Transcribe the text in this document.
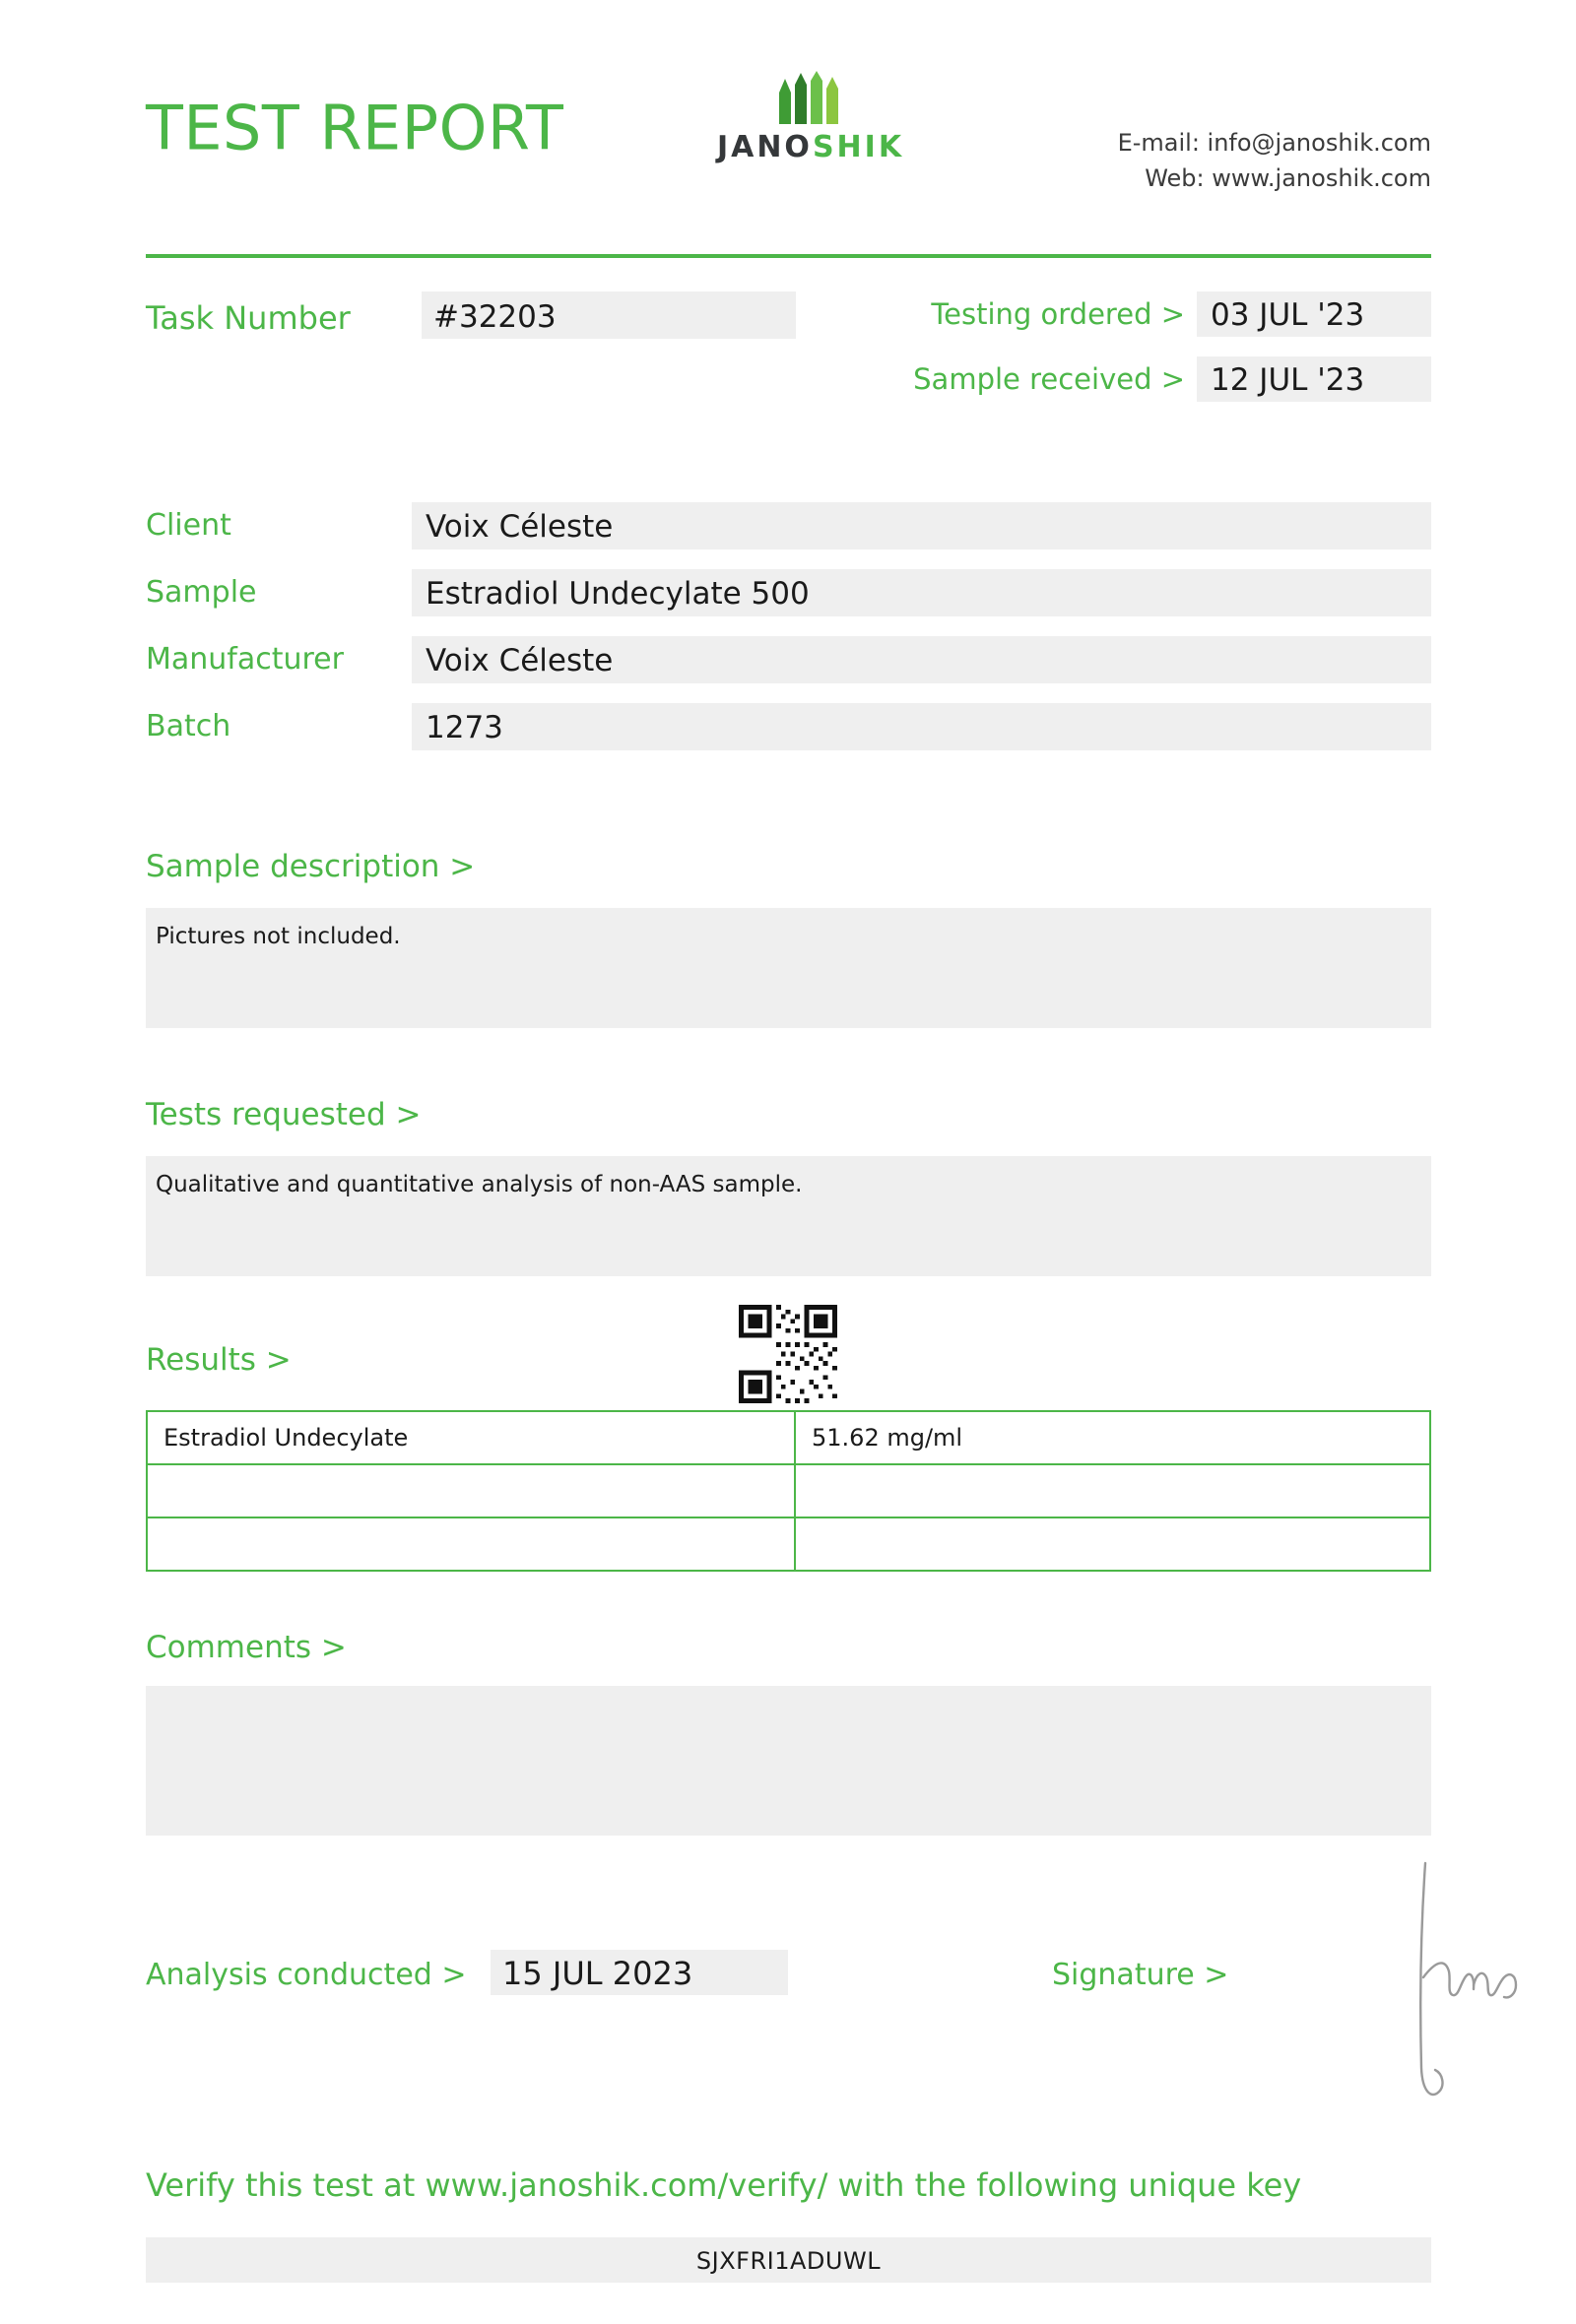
TEST REPORT	JANOSHIK	E-mail: info@janoshik.com
Web: www.janoshik.com
Task Number	#32203	Testing ordered > 03 JUL '23
Sample received > 12 JUL '23
Client	Voix Céleste
Sample	Estradiol Undecylate 500
Manufacturer	Voix Céleste
Batch	1273
Sample description >
Pictures not included.
Tests requested >
Qualitative and quantitative analysis of non-AAS sample.
Results >
Estradiol Undecylate	51.62 mg/ml

Comments >
Analysis conducted >	15 JUL 2023	Signature >
Verify this test at www.janoshik.com/verify/ with the following unique key
SJXFRI1ADUWL
